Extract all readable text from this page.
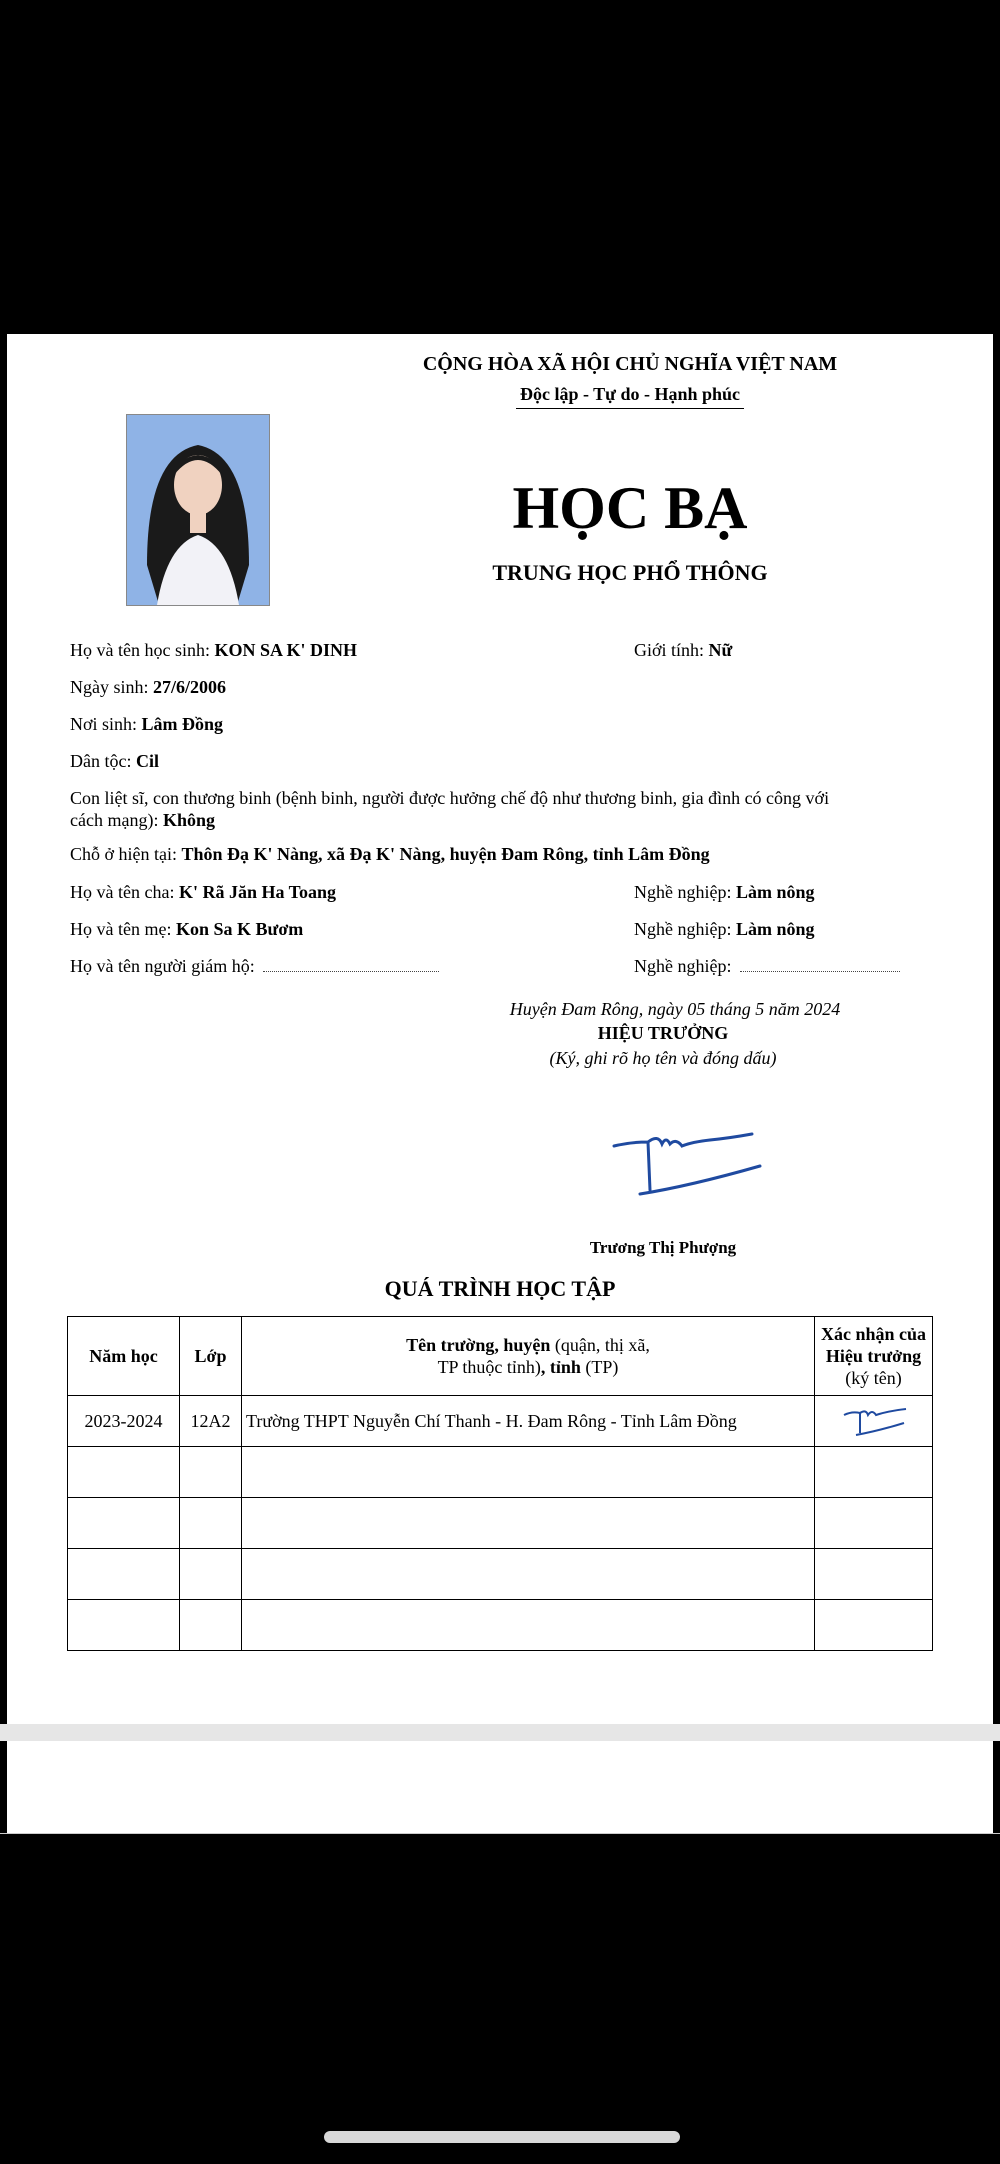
CỘNG HÒA XÃ HỘI CHỦ NGHĨA VIỆT NAM
Độc lập - Tự do - Hạnh phúc
HỌC BẠ
TRUNG HỌC PHỔ THÔNG
Họ và tên học sinh: KON SA K' DINH	Giới tính: Nữ
Ngày sinh: 27/6/2006
Nơi sinh: Lâm Đồng
Dân tộc: Cil
Con liệt sĩ, con thương binh (bệnh binh, người được hưởng chế độ như thương binh, gia đình có công với
cách mạng): Không
Chỗ ở hiện tại: Thôn Đạ K' Nàng, xã Đạ K' Nàng, huyện Đam Rông, tỉnh Lâm Đồng
Họ và tên cha: K' Rã Jăn Ha Toang	Nghề nghiệp: Làm nông
Họ và tên mẹ: Kon Sa K Bươm	Nghề nghiệp: Làm nông
Họ và tên người giám hộ:	Nghề nghiệp:
Huyện Đam Rông, ngày 05 tháng 5 năm 2024
HIỆU TRƯỞNG
(Ký, ghi rõ họ tên và đóng dấu)
Trương Thị Phượng
QUÁ TRÌNH HỌC TẬP
Năm học	Lớp	Tên trường, huyện (quận, thị xã,
TP thuộc tỉnh), tỉnh (TP)	Xác nhận của Hiệu trưởng
(ký tên)
2023-2024	12A2	Trường THPT Nguyễn Chí Thanh - H. Đam Rông - Tỉnh Lâm Đồng	
